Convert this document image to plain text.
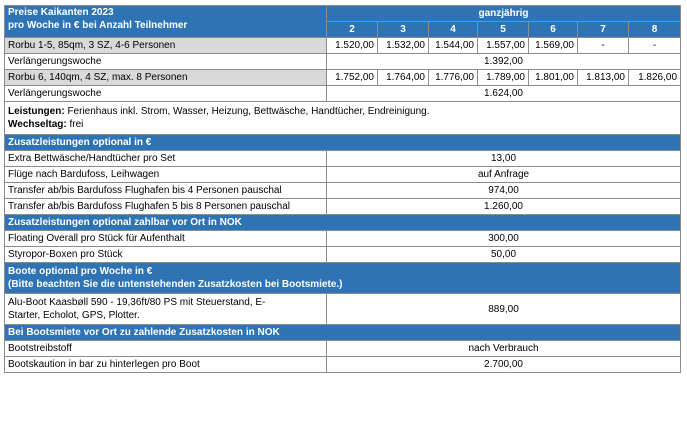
Preise Kaikanten 2023
pro Woche in € bei Anzahl Teilnehmer	ganzjährig						
	2	3	4	5	6	7	8
Rorbu 1-5, 85qm, 3 SZ, 4-6 Personen	1.520,00	1.532,00	1.544,00	1.557,00	1.569,00	-	-
Verlängerungswoche	1.392,00						
Rorbu 6, 140qm, 4 SZ, max. 8 Personen	1.752,00	1.764,00	1.776,00	1.789,00	1.801,00	1.813,00	1.826,00
Verlängerungswoche	1.624,00						

Leistungen: Ferienhaus inkl. Strom, Wasser, Heizung, Bettwäsche, Handtücher, Endreinigung.
Wechseltag: frei							

Zusatzleistungen optional in €							
Extra Bettwäsche/Handtücher pro Set	13,00						
Flüge nach Bardufoss, Leihwagen	auf Anfrage						
Transfer ab/bis Bardufoss Flughafen bis 4 Personen pauschal	974,00						
Transfer ab/bis Bardufoss Flughafen 5 bis 8 Personen pauschal	1.260,00						
Zusatzleistungen optional zahlbar vor Ort in NOK							
Floating Overall pro Stück für Aufenthalt	300,00						
Styropor-Boxen pro Stück	50,00						

Boote optional pro Woche in €
(Bitte beachten Sie die untenstehenden Zusatzkosten bei Bootsmiete.)							

Alu-Boot Kaasbøll 590 - 19,36ft/80 PS mit Steuerstand, E-
Starter, Echolot, GPS, Plotter.	889,00						
Bei Bootsmiete vor Ort zu zahlende Zusatzkosten in NOK							
Bootstreibstoff	nach Verbrauch						
Bootskaution in bar zu hinterlegen pro Boot	2.700,00						
